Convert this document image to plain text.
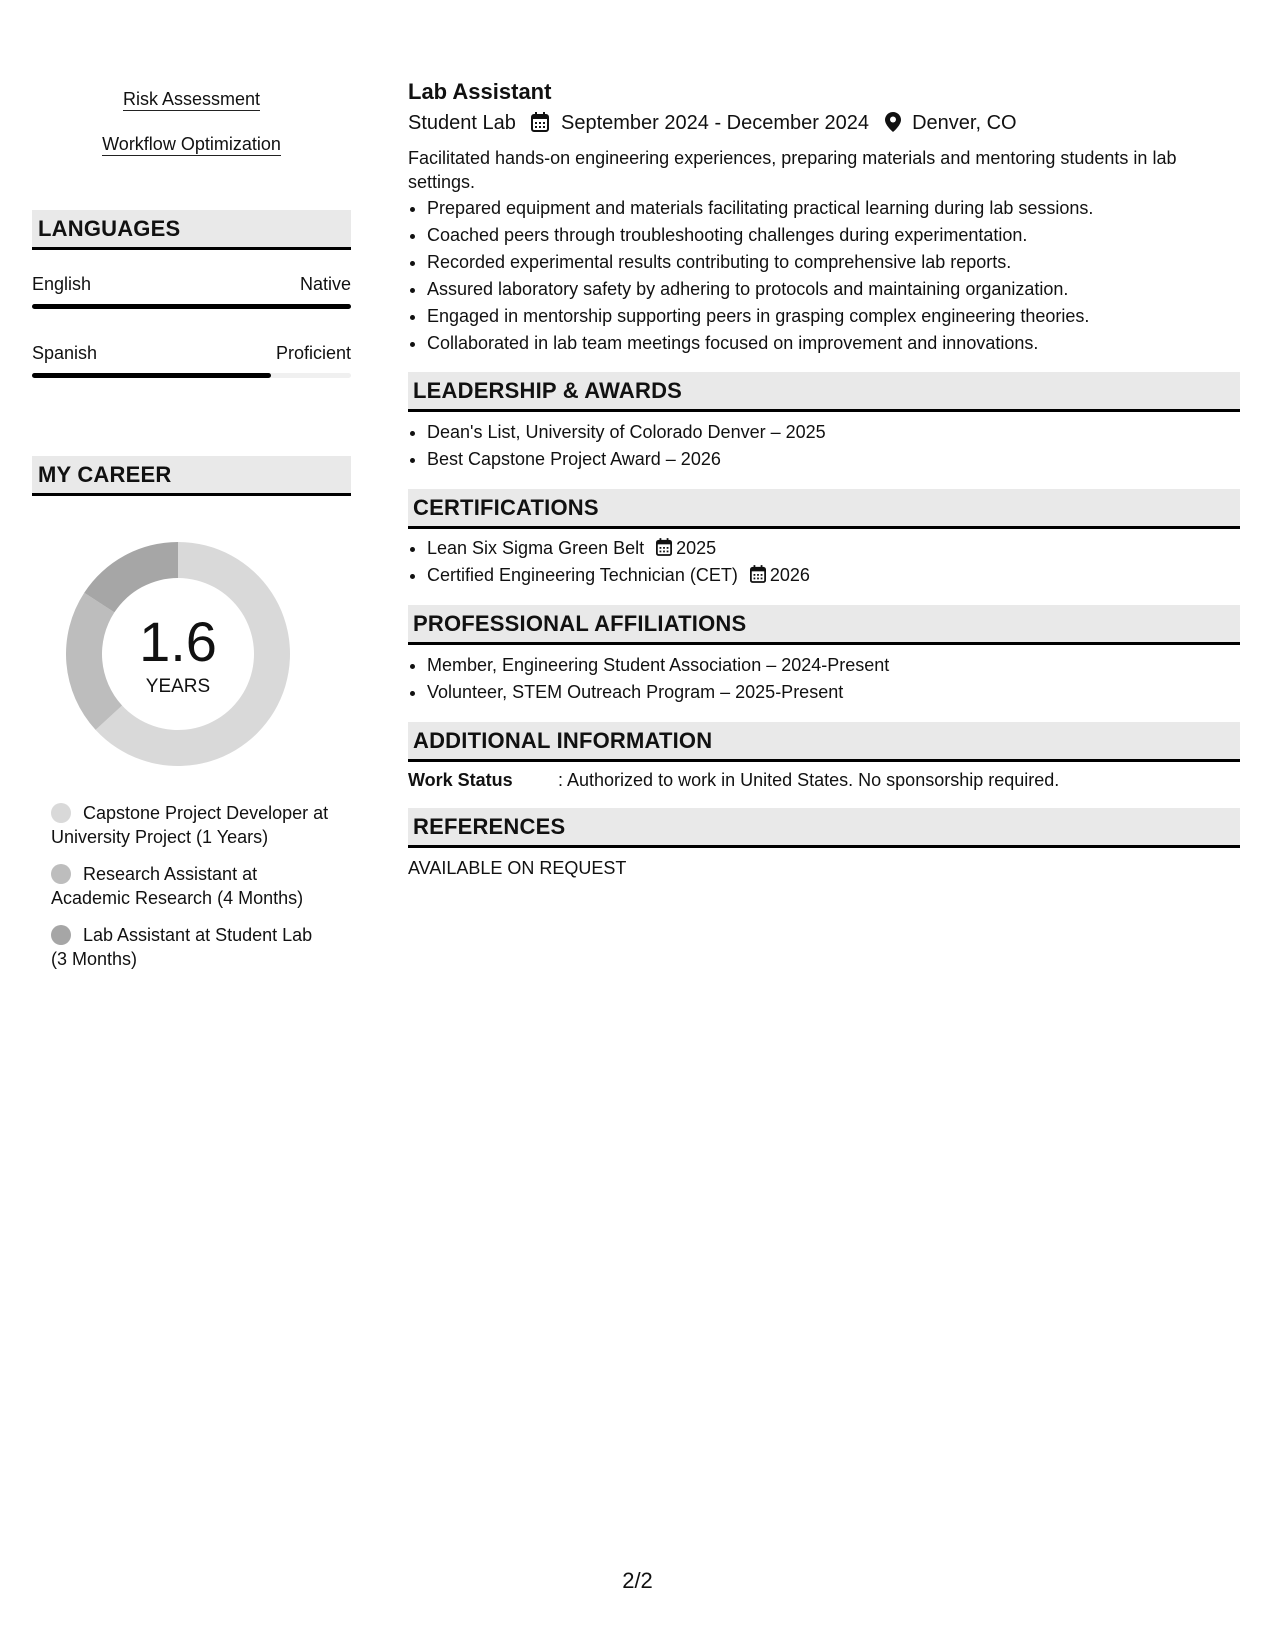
Risk Assessment
Workflow Optimization
LANGUAGES
English	Native
Spanish	Proficient
MY CAREER
1.6
YEARS
Capstone Project Developer at University Project (1 Years)
Research Assistant at Academic Research (4 Months)
Lab Assistant at Student Lab (3 Months)
Lab Assistant
Student Lab September 2024 - December 2024 Denver, CO
Facilitated hands-on engineering experiences, preparing materials and mentoring students in lab settings.
• Prepared equipment and materials facilitating practical learning during lab sessions.
• Coached peers through troubleshooting challenges during experimentation.
• Recorded experimental results contributing to comprehensive lab reports.
• Assured laboratory safety by adhering to protocols and maintaining organization.
• Engaged in mentorship supporting peers in grasping complex engineering theories.
• Collaborated in lab team meetings focused on improvement and innovations.
LEADERSHIP & AWARDS
• Dean's List, University of Colorado Denver – 2025
• Best Capstone Project Award – 2026
CERTIFICATIONS
• Lean Six Sigma Green Belt 2025
• Certified Engineering Technician (CET) 2026
PROFESSIONAL AFFILIATIONS
• Member, Engineering Student Association – 2024-Present
• Volunteer, STEM Outreach Program – 2025-Present
ADDITIONAL INFORMATION
Work Status	: Authorized to work in United States. No sponsorship required.
REFERENCES
AVAILABLE ON REQUEST
2/2
